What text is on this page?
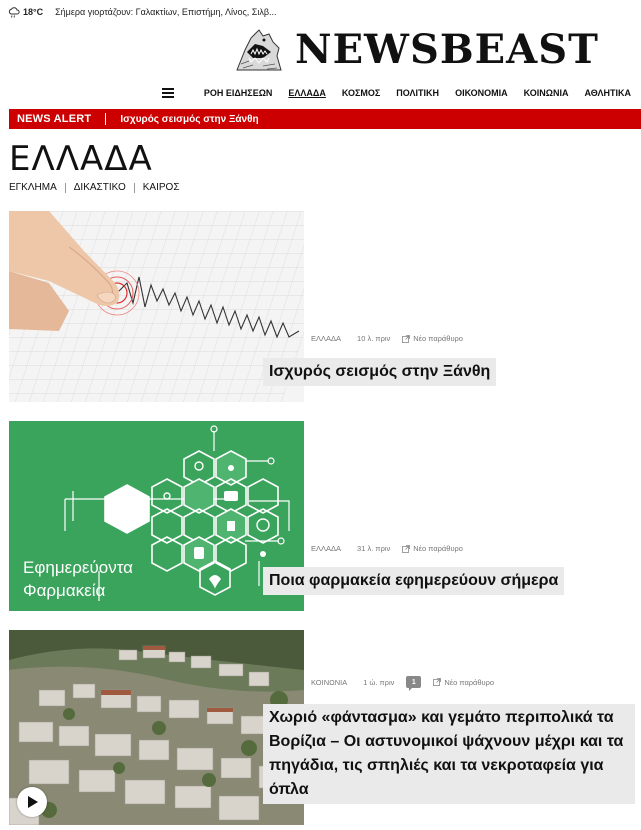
18°C Σήμερα γιορτάζουν: Γαλακτίων, Επιστήμη, Λίνος, Σιλβ...
NEWSBEAST
ΡΟΗ ΕΙΔΗΣΕΩΝ ΕΛΛΑΔΑ ΚΟΣΜΟΣ ΠΟΛΙΤΙΚΗ ΟΙΚΟΝΟΜΙΑ ΚΟΙΝΩΝΙΑ ΑΘΛΗΤΙΚΑ
NEWS ALERT	Ισχυρός σεισμός στην Ξάνθη
ΕΛΛΑΔΑ
ΕΓΚΛΗΜΑ ΔΙΚΑΣΤΙΚΟ ΚΑΙΡΟΣ
ΕΛΛΑΔΑ 10 λ. πριν	Νέο παράθυρο
Ισχυρός σεισμός στην Ξάνθη
Εφημερεύοντα
Φαρμακεία
ΕΛΛΑΔΑ 31 λ. πριν	Νέο παράθυρο
Ποια φαρμακεία εφημερεύουν σήμερα
ΚΟΙΝΩΝΙΑ 1 ώ. πριν	1	Νέο παράθυρο
Χωριό «φάντασμα» και γεμάτο περιπολικά τα Βορίζια – Οι αστυνομικοί ψάχνουν μέχρι και τα πηγάδια, τις σπηλιές και τα νεκροταφεία για όπλα
